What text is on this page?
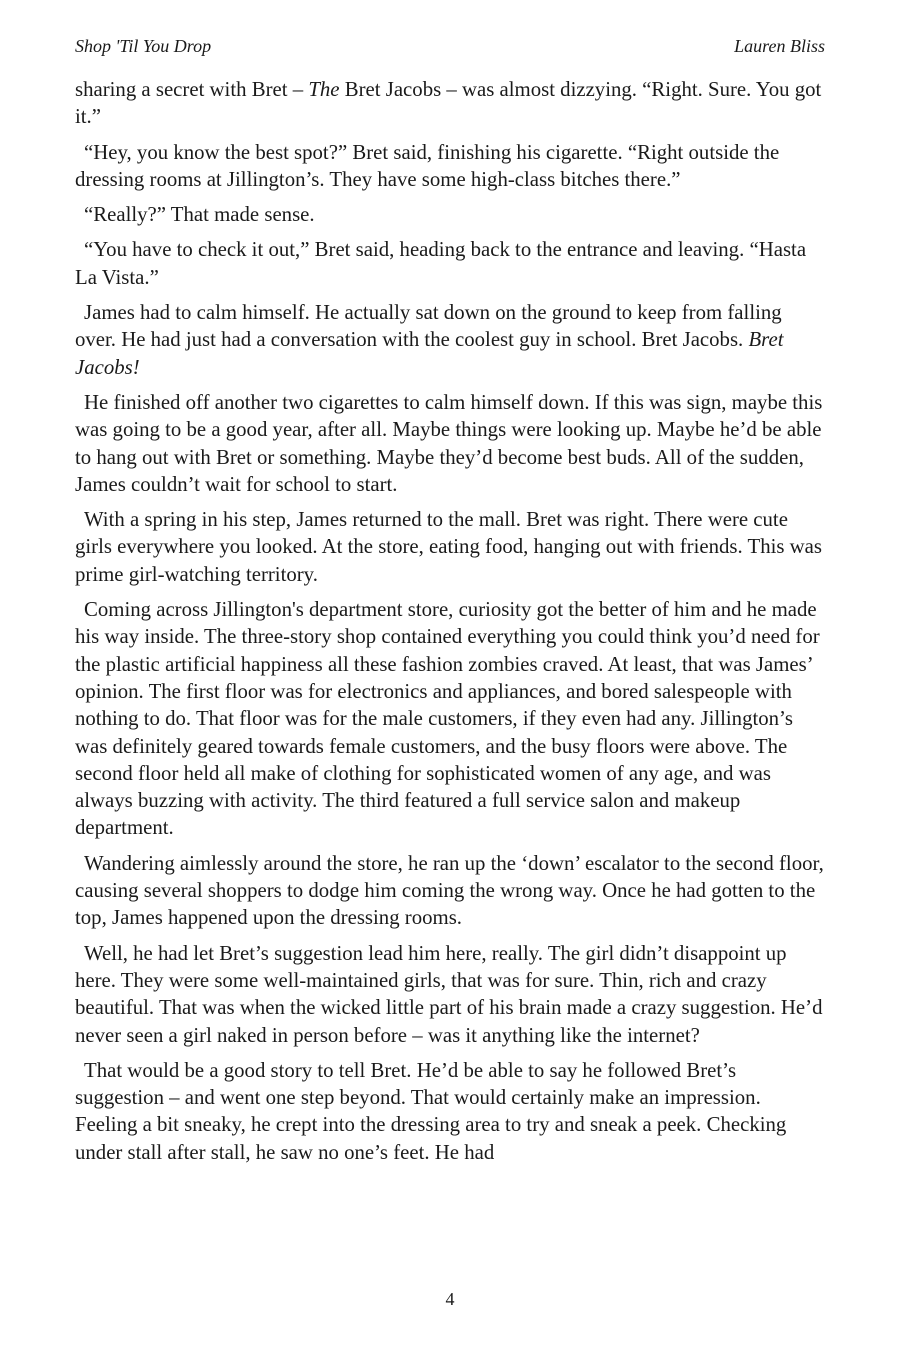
Shop 'Til You Drop	Lauren Bliss

sharing a secret with Bret – The Bret Jacobs – was almost dizzying. “Right. Sure. You got it.”

“Hey, you know the best spot?” Bret said, finishing his cigarette. “Right outside the dressing rooms at Jillington’s. They have some high-class bitches there.”

“Really?” That made sense.

“You have to check it out,” Bret said, heading back to the entrance and leaving. “Hasta La Vista.”

James had to calm himself. He actually sat down on the ground to keep from falling over. He had just had a conversation with the coolest guy in school. Bret Jacobs. Bret Jacobs!

He finished off another two cigarettes to calm himself down. If this was sign, maybe this was going to be a good year, after all. Maybe things were looking up. Maybe he’d be able to hang out with Bret or something. Maybe they’d become best buds. All of the sudden, James couldn’t wait for school to start.

With a spring in his step, James returned to the mall. Bret was right. There were cute girls everywhere you looked. At the store, eating food, hanging out with friends. This was prime girl-watching territory.

Coming across Jillington's department store, curiosity got the better of him and he made his way inside. The three-story shop contained everything you could think you’d need for the plastic artificial happiness all these fashion zombies craved. At least, that was James’ opinion. The first floor was for electronics and appliances, and bored salespeople with nothing to do. That floor was for the male customers, if they even had any. Jillington’s was definitely geared towards female customers, and the busy floors were above. The second floor held all make of clothing for sophisticated women of any age, and was always buzzing with activity. The third featured a full service salon and makeup department.

Wandering aimlessly around the store, he ran up the ‘down’ escalator to the second floor, causing several shoppers to dodge him coming the wrong way. Once he had gotten to the top, James happened upon the dressing rooms.

Well, he had let Bret’s suggestion lead him here, really. The girl didn’t disappoint up here. They were some well-maintained girls, that was for sure. Thin, rich and crazy beautiful. That was when the wicked little part of his brain made a crazy suggestion. He’d never seen a girl naked in person before – was it anything like the internet?

That would be a good story to tell Bret. He’d be able to say he followed Bret’s suggestion – and went one step beyond. That would certainly make an impression. Feeling a bit sneaky, he crept into the dressing area to try and sneak a peek. Checking under stall after stall, he saw no one’s feet. He had

4
